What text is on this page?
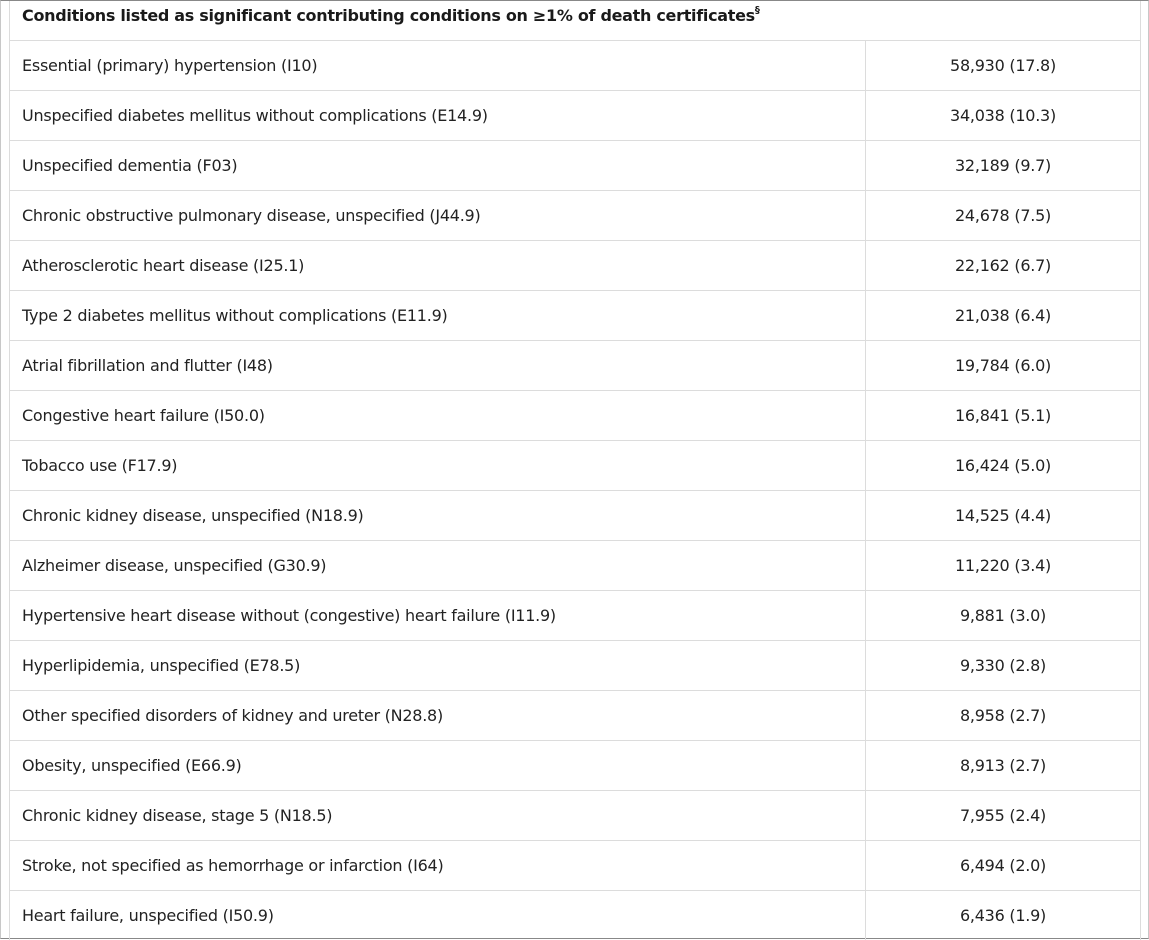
Conditions listed as significant contributing conditions on ≥1% of death certificates§
Essential (primary) hypertension (I10)	58,930 (17.8)
Unspecified diabetes mellitus without complications (E14.9)	34,038 (10.3)
Unspecified dementia (F03)	32,189 (9.7)
Chronic obstructive pulmonary disease, unspecified (J44.9)	24,678 (7.5)
Atherosclerotic heart disease (I25.1)	22,162 (6.7)
Type 2 diabetes mellitus without complications (E11.9)	21,038 (6.4)
Atrial fibrillation and flutter (I48)	19,784 (6.0)
Congestive heart failure (I50.0)	16,841 (5.1)
Tobacco use (F17.9)	16,424 (5.0)
Chronic kidney disease, unspecified (N18.9)	14,525 (4.4)
Alzheimer disease, unspecified (G30.9)	11,220 (3.4)
Hypertensive heart disease without (congestive) heart failure (I11.9)	9,881 (3.0)
Hyperlipidemia, unspecified (E78.5)	9,330 (2.8)
Other specified disorders of kidney and ureter (N28.8)	8,958 (2.7)
Obesity, unspecified (E66.9)	8,913 (2.7)
Chronic kidney disease, stage 5 (N18.5)	7,955 (2.4)
Stroke, not specified as hemorrhage or infarction (I64)	6,494 (2.0)
Heart failure, unspecified (I50.9)	6,436 (1.9)
